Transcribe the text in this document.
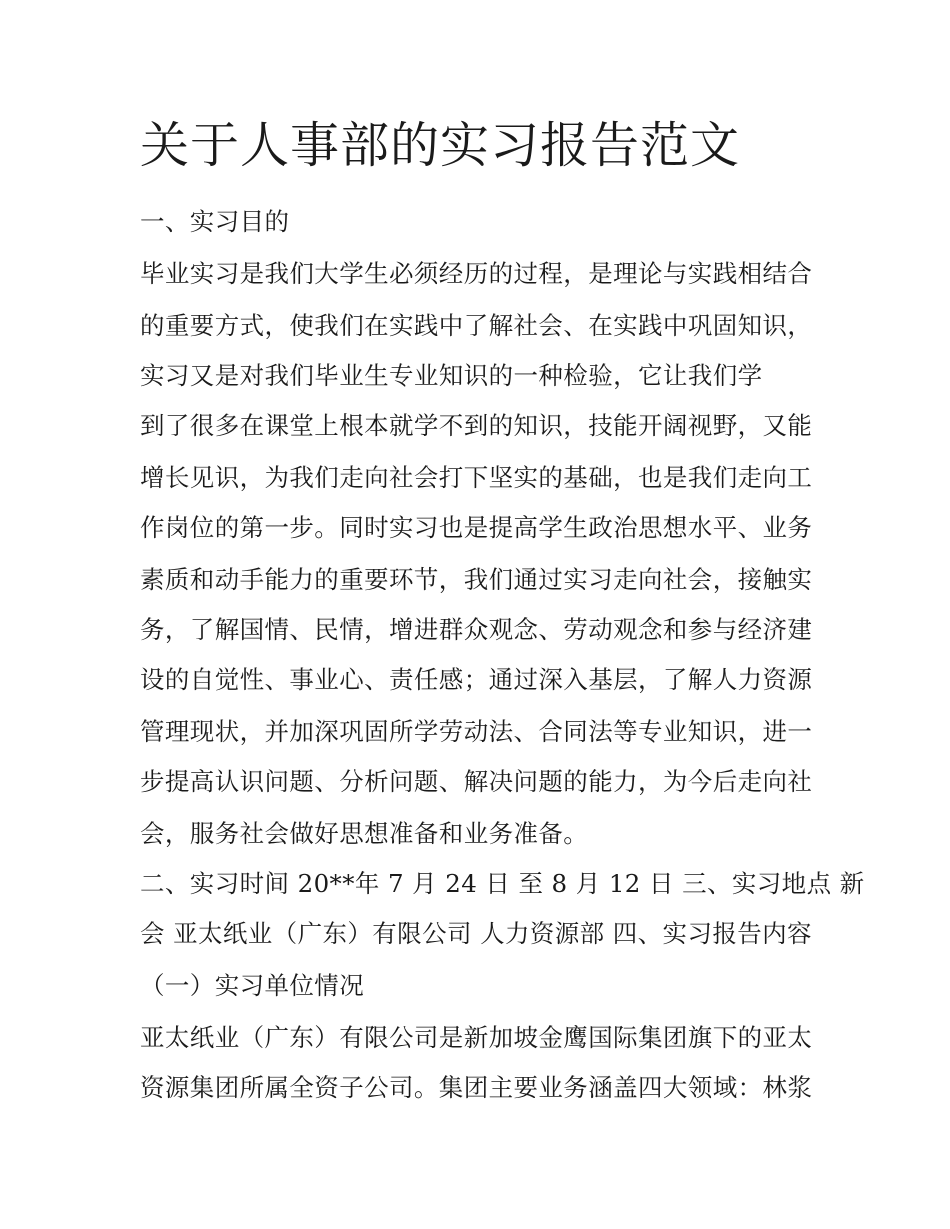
关于人事部的实习报告范文

一、实习目的

毕业实习是我们大学生必须经历的过程，是理论与实践相结合

的重要方式，使我们在实践中了解社会、在实践中巩固知识，

实习又是对我们毕业生专业知识的一种检验，它让我们学

到了很多在课堂上根本就学不到的知识，技能开阔视野，又能

增长见识，为我们走向社会打下坚实的基础，也是我们走向工

作岗位的第一步。同时实习也是提高学生政治思想水平、业务

素质和动手能力的重要环节，我们通过实习走向社会，接触实

务，了解国情、民情，增进群众观念、劳动观念和参与经济建

设的自觉性、事业心、责任感；通过深入基层，了解人力资源

管理现状，并加深巩固所学劳动法、合同法等专业知识，进一

步提高认识问题、分析问题、解决问题的能力，为今后走向社

会，服务社会做好思想准备和业务准备。

二、实习时间 20**年 7 月 24 日 至 8 月 12 日 三、实习地点 新

会 亚太纸业（广东）有限公司 人力资源部 四、实习报告内容

（一）实习单位情况

亚太纸业（广东）有限公司是新加坡金鹰国际集团旗下的亚太

资源集团所属全资子公司。集团主要业务涵盖四大领域：林浆
